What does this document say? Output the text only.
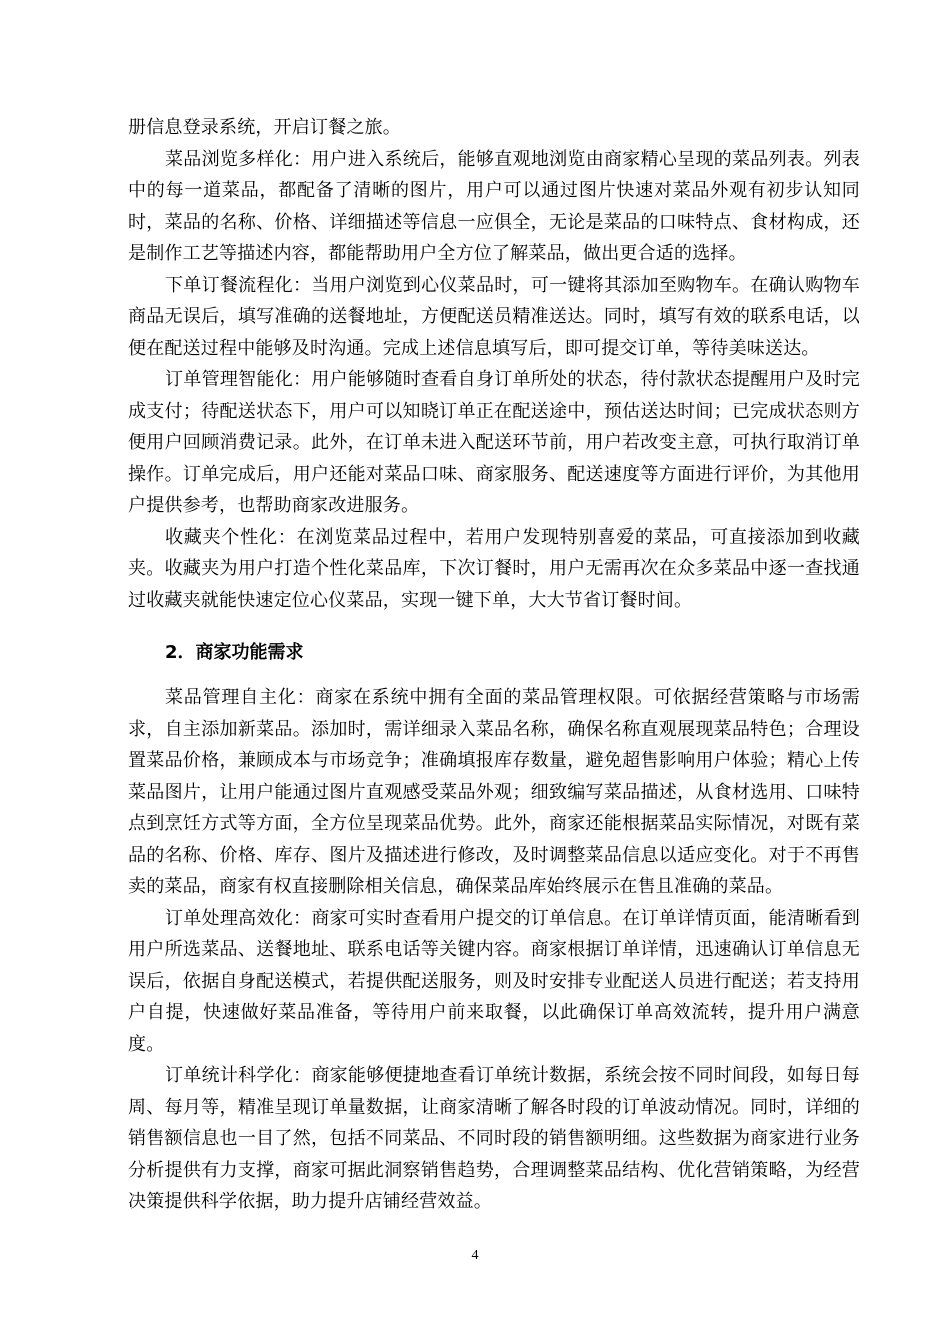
册信息登录系统，开启订餐之旅。

菜品浏览多样化：用户进入系统后，能够直观地浏览由商家精心呈现的菜品列表。列表中的每一道菜品，都配备了清晰的图片，用户可以通过图片快速对菜品外观有初步认知同时，菜品的名称、价格、详细描述等信息一应俱全，无论是菜品的口味特点、食材构成，还是制作工艺等描述内容，都能帮助用户全方位了解菜品，做出更合适的选择。

下单订餐流程化：当用户浏览到心仪菜品时，可一键将其添加至购物车。在确认购物车商品无误后，填写准确的送餐地址，方便配送员精准送达。同时，填写有效的联系电话，以便在配送过程中能够及时沟通。完成上述信息填写后，即可提交订单，等待美味送达。

订单管理智能化：用户能够随时查看自身订单所处的状态，待付款状态提醒用户及时完成支付；待配送状态下，用户可以知晓订单正在配送途中，预估送达时间；已完成状态则方便用户回顾消费记录。此外，在订单未进入配送环节前，用户若改变主意，可执行取消订单操作。订单完成后，用户还能对菜品口味、商家服务、配送速度等方面进行评价，为其他用户提供参考，也帮助商家改进服务。

收藏夹个性化：在浏览菜品过程中，若用户发现特别喜爱的菜品，可直接添加到收藏夹。收藏夹为用户打造个性化菜品库，下次订餐时，用户无需再次在众多菜品中逐一查找通过收藏夹就能快速定位心仪菜品，实现一键下单，大大节省订餐时间。

2．商家功能需求

菜品管理自主化：商家在系统中拥有全面的菜品管理权限。可依据经营策略与市场需求，自主添加新菜品。添加时，需详细录入菜品名称，确保名称直观展现菜品特色；合理设置菜品价格，兼顾成本与市场竞争；准确填报库存数量，避免超售影响用户体验；精心上传菜品图片，让用户能通过图片直观感受菜品外观；细致编写菜品描述，从食材选用、口味特点到烹饪方式等方面，全方位呈现菜品优势。此外，商家还能根据菜品实际情况，对既有菜品的名称、价格、库存、图片及描述进行修改，及时调整菜品信息以适应变化。对于不再售卖的菜品，商家有权直接删除相关信息，确保菜品库始终展示在售且准确的菜品。

订单处理高效化：商家可实时查看用户提交的订单信息。在订单详情页面，能清晰看到用户所选菜品、送餐地址、联系电话等关键内容。商家根据订单详情，迅速确认订单信息无误后，依据自身配送模式，若提供配送服务，则及时安排专业配送人员进行配送；若支持用户自提，快速做好菜品准备，等待用户前来取餐，以此确保订单高效流转，提升用户满意度。

订单统计科学化：商家能够便捷地查看订单统计数据，系统会按不同时间段，如每日每周、每月等，精准呈现订单量数据，让商家清晰了解各时段的订单波动情况。同时，详细的销售额信息也一目了然，包括不同菜品、不同时段的销售额明细。这些数据为商家进行业务分析提供有力支撑，商家可据此洞察销售趋势，合理调整菜品结构、优化营销策略，为经营决策提供科学依据，助力提升店铺经营效益。

4
